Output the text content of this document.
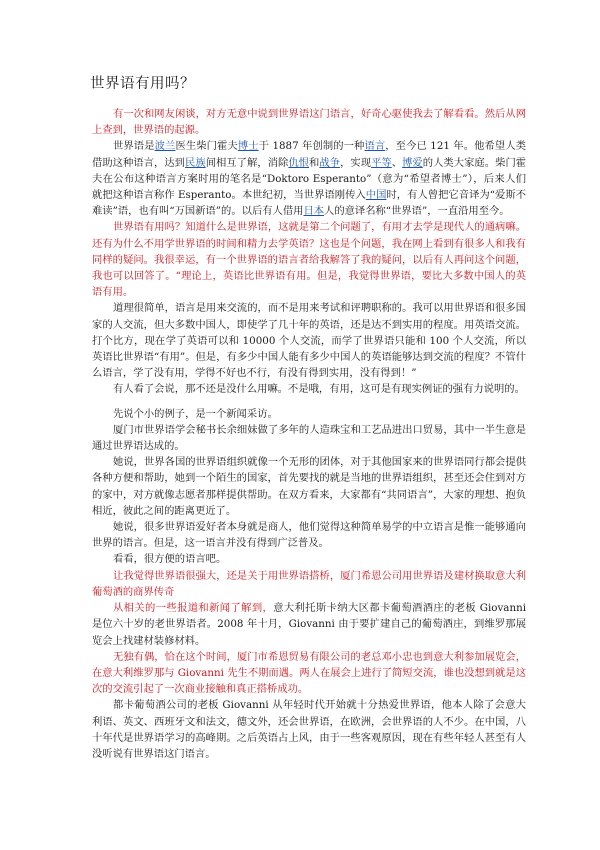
世界语有用吗？

有一次和网友闲谈，对方无意中说到世界语这门语言，好奇心驱使我去了解看看。然后从网上查到，世界语的起源。

世界语是波兰医生柴门霍夫博士于 1887 年创制的一种语言，至今已 121 年。他希望人类借助这种语言，达到民族间相互了解，消除仇恨和战争，实现平等、博爱的人类大家庭。柴门霍夫在公布这种语言方案时用的笔名是“Doktoro Esperanto”（意为“希望者博士”），后来人们就把这种语言称作 Esperanto。本世纪初，当世界语刚传入中国时，有人曾把它音译为“爱斯不难读”语，也有叫“万国新语”的。以后有人借用日本人的意译名称“世界语”，一直沿用至今。

世界语有用吗？知道什么是世界语，这就是第二个问题了，有用才去学是现代人的通病嘛。还有为什么不用学世界语的时间和精力去学英语？这也是个问题，我在网上看到有很多人和我有同样的疑问。我很幸运，有一个世界语的语言者给我解答了我的疑问，以后有人再问这个问题，我也可以回答了。“理论上，英语比世界语有用。但是，我觉得世界语，要比大多数中国人的英语有用。

道理很简单，语言是用来交流的，而不是用来考试和评聘职称的。我可以用世界语和很多国家的人交流，但大多数中国人，即使学了几十年的英语，还是达不到实用的程度。用英语交流。打个比方，现在学了英语可以和 10000 个人交流，而学了世界语只能和 100 个人交流，所以英语比世界语“有用”。但是，有多少中国人能有多少中国人的英语能够达到交流的程度？不管什么语言，学了没有用，学得不好也不行，有没有得到实用，没有得到！”

有人看了会说，那不还是没什么用嘛。不是哦，有用，这可是有现实例证的强有力说明的。

先说个小的例子，是一个新闻采访。

厦门市世界语学会秘书长余细妹做了多年的人造珠宝和工艺品进出口贸易，其中一半生意是通过世界语达成的。

她说，世界各国的世界语组织就像一个无形的团体，对于其他国家来的世界语同行都会提供各种方便和帮助，她到一个陌生的国家，首先要找的就是当地的世界语组织，甚至还会住到对方的家中，对方就像志愿者那样提供帮助。在双方看来，大家都有“共同语言”，大家的理想、抱负相近，彼此之间的距离更近了。

她说，很多世界语爱好者本身就是商人，他们觉得这种简单易学的中立语言是惟一能够通向世界的语言。但是，这一语言并没有得到广泛普及。

看看，很方便的语言吧。

让我觉得世界语很强大，还是关于用世界语搭桥，厦门希恩公司用世界语及建材换取意大利葡萄酒的商界传奇

从相关的一些报道和新闻了解到，意大利托斯卡纳大区都卡葡萄酒酒庄的老板 Giovanni 是位六十岁的老世界语者。2008 年十月，Giovanni 由于要扩建自己的葡萄酒庄，到维罗那展览会上找建材装修材料。

无独有偶，恰在这个时间，厦门市希恩贸易有限公司的老总邓小忠也到意大利参加展览会，在意大利维罗那与 Giovanni 先生不期而遇。两人在展会上进行了简短交流，谁也没想到就是这次的交流引起了一次商业接触和真正搭桥成功。

都卡葡萄酒公司的老板 Giovanni 从年轻时代开始就十分热爱世界语，他本人除了会意大利语、英文、西班牙文和法文，德文外，还会世界语，在欧洲，会世界语的人不少。在中国，八十年代是世界语学习的高峰期。之后英语占上风，由于一些客观原因，现在有些年轻人甚至有人没听说有世界语这门语言。
